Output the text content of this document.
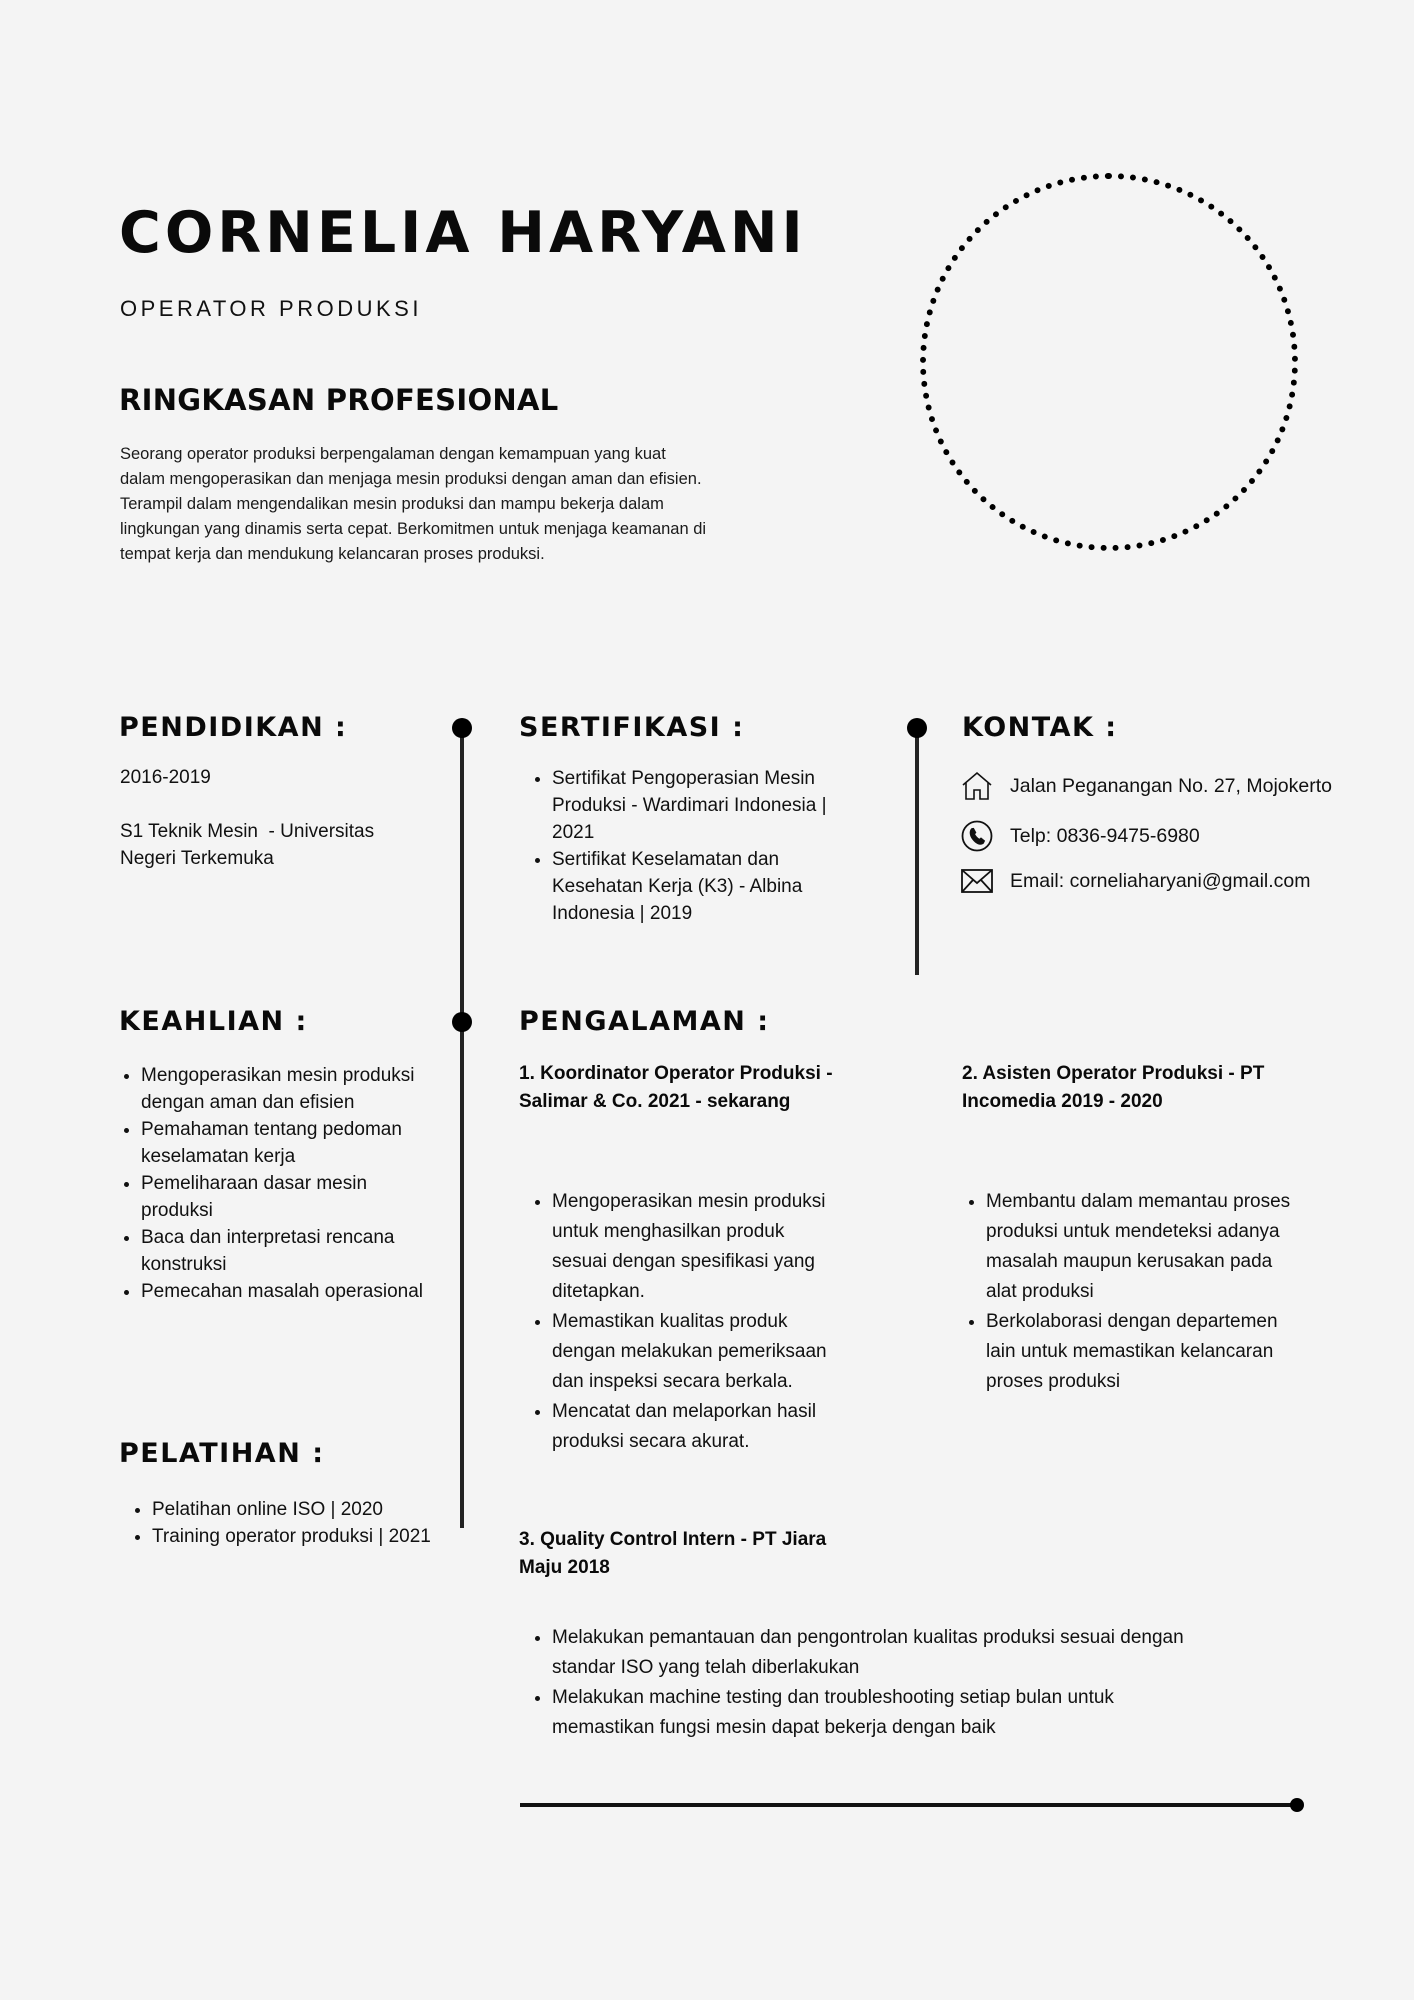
CORNELIA HARYANI
OPERATOR PRODUKSI
RINGKASAN PROFESIONAL
Seorang operator produksi berpengalaman dengan kemampuan yang kuat
dalam mengoperasikan dan menjaga mesin produksi dengan aman dan efisien.
Terampil dalam mengendalikan mesin produksi dan mampu bekerja dalam
lingkungan yang dinamis serta cepat. Berkomitmen untuk menjaga keamanan di
tempat kerja dan mendukung kelancaran proses produksi.
PENDIDIKAN :
2016-2019
S1 Teknik Mesin  - Universitas
Negeri Terkemuka
SERTIFIKASI :
• Sertifikat Pengoperasian Mesin Produksi - Wardimari Indonesia | 2021
• Sertifikat Keselamatan dan Kesehatan Kerja (K3) - Albina Indonesia | 2019
KONTAK :
Jalan Peganangan No. 27, Mojokerto
Telp: 0836-9475-6980
Email: corneliaharyani@gmail.com
KEAHLIAN :
• Mengoperasikan mesin produksi dengan aman dan efisien
• Pemahaman tentang pedoman keselamatan kerja
• Pemeliharaan dasar mesin produksi
• Baca dan interpretasi rencana konstruksi
• Pemecahan masalah operasional
PELATIHAN :
• Pelatihan online ISO | 2020
• Training operator produksi | 2021
PENGALAMAN :
1. Koordinator Operator Produksi -
Salimar & Co. 2021 - sekarang
• Mengoperasikan mesin produksi untuk menghasilkan produk sesuai dengan spesifikasi yang ditetapkan.
• Memastikan kualitas produk dengan melakukan pemeriksaan dan inspeksi secara berkala.
• Mencatat dan melaporkan hasil produksi secara akurat.
2. Asisten Operator Produksi - PT
Incomedia 2019 - 2020
• Membantu dalam memantau proses produksi untuk mendeteksi adanya masalah maupun kerusakan pada alat produksi
• Berkolaborasi dengan departemen lain untuk memastikan kelancaran proses produksi
3. Quality Control Intern - PT Jiara
Maju 2018
• Melakukan pemantauan dan pengontrolan kualitas produksi sesuai dengan standar ISO yang telah diberlakukan
• Melakukan machine testing dan troubleshooting setiap bulan untuk memastikan fungsi mesin dapat bekerja dengan baik
